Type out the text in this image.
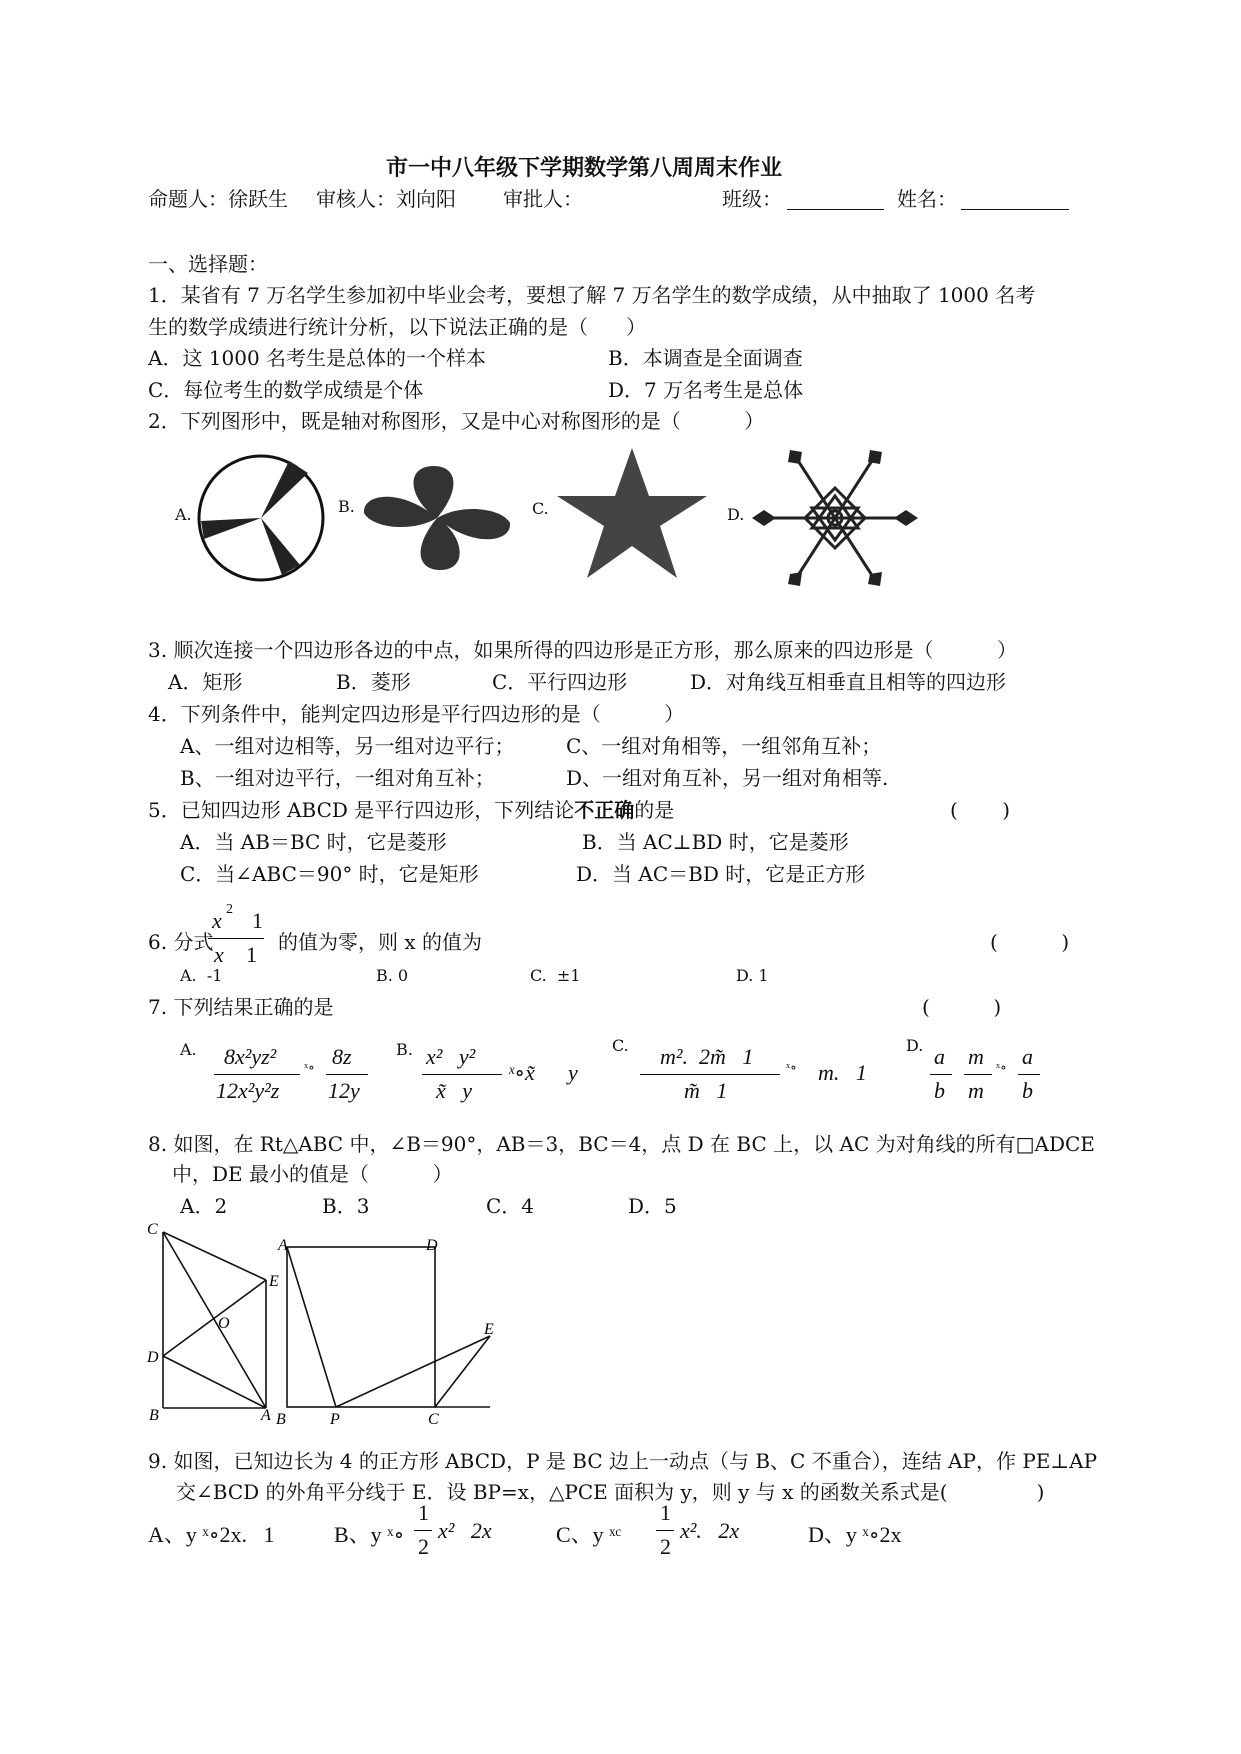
市一中八年级下学期数学第八周周末作业
命题人：徐跃生 审核人：刘向阳 审批人：	班级：	姓名：
一、选择题：
1．某省有 7 万名学生参加初中毕业会考，要想了解 7 万名学生的数学成绩，从中抽取了 1000 名考
生的数学成绩进行统计分析，以下说法正确的是（      ）
A．这 1000 名考生是总体的一个样本	B．本调查是全面调查
C．每位考生的数学成绩是个体	D．7 万名考生是总体
2．下列图形中，既是轴对称图形，又是中心对称图形的是（          ）
A.	B.	C.	D.
3. 顺次连接一个四边形各边的中点，如果所得的四边形是正方形，那么原来的四边形是（          ）
A．矩形	B．菱形	C．平行四边形	D．对角线互相垂直且相等的四边形
4．下列条件中，能判定四边形是平行四边形的是（          ）
A、一组对边相等，另一组对边平行；	C、一组对角相等，一组邻角互补；
B、一组对边平行，一组对角互补；	D、一组对角互补，另一组对角相等.
5．已知四边形 ABCD 是平行四边形，下列结论不正确的是	(       )
A．当 AB＝BC 时，它是菱形	B．当 AC⊥BD 时，它是菱形
C．当∠ABC＝90° 时，它是矩形	D．当 AC＝BD 时，它是正方形
6. 分式

x

2

1

x

1 的值为零，则 x 的值为	(          )
A.  -1	B. 0	C.  ±1	D. 1
7. 下列结果正确的是	(          )
A.

8x²yz²

12x²y²z

ˣ∘

8z

12y

B.

x²   y²

x̃   y

ˣ∘x̃

y

C.

m².  2m̃   1

m̃   1

ˣ∘

m.   1

D.

a

b

m

m

ˣ∘

a

b

8. 如图，在 Rt△ABC 中，∠B＝90°，AB＝3，BC＝4，点 D 在 BC 上，以 AC 为对角线的所有□ADCE
中，DE 最小的值是（          ）
A．2	B．3	C．4	D．5
C
E
O
D
B	A
A	D
E
B	P	C
9. 如图，已知边长为 4 的正方形 ABCD，P 是 BC 边上一动点（与 B、C 不重合），连结 AP，作 PE⊥AP
交∠BCD 的外角平分线于 E．设 BP=x，△PCE 面积为 y，则 y 与 x 的函数关系式是(              )
A、y ˣ∘2x.   1	B、y ˣ∘

1

2

x²   2x	C、y ˣᶜ

1

2

x².   2x	D、y ˣ∘2x
